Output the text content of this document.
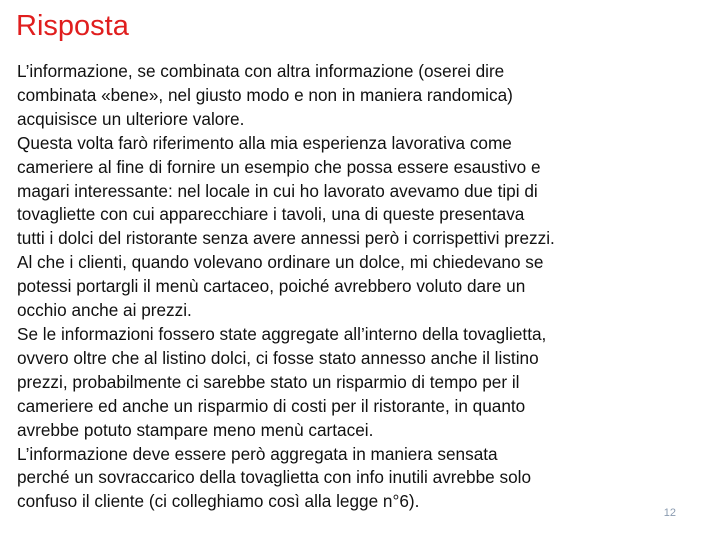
Risposta
L’informazione, se combinata con altra informazione (oserei dire
combinata «bene», nel giusto modo e non in maniera randomica)
acquisisce un ulteriore valore.
Questa volta farò riferimento alla mia esperienza lavorativa come
cameriere al fine di fornire un esempio che possa essere esaustivo e
magari interessante: nel locale in cui ho lavorato avevamo due tipi di
tovagliette con cui apparecchiare i tavoli, una di queste presentava
tutti i dolci del ristorante senza avere annessi però i corrispettivi prezzi.
Al che i clienti, quando volevano ordinare un dolce, mi chiedevano se
potessi portargli il menù cartaceo, poiché avrebbero voluto dare un
occhio anche ai prezzi.
Se le informazioni fossero state aggregate all’interno della tovaglietta,
ovvero oltre che al listino dolci, ci fosse stato annesso anche il listino
prezzi, probabilmente ci sarebbe stato un risparmio di tempo per il
cameriere ed anche un risparmio di costi per il ristorante, in quanto
avrebbe potuto stampare meno menù cartacei.
L’informazione deve essere però aggregata in maniera sensata
perché un sovraccarico della tovaglietta con info inutili avrebbe solo
confuso il cliente (ci colleghiamo così alla legge n°6).
12
